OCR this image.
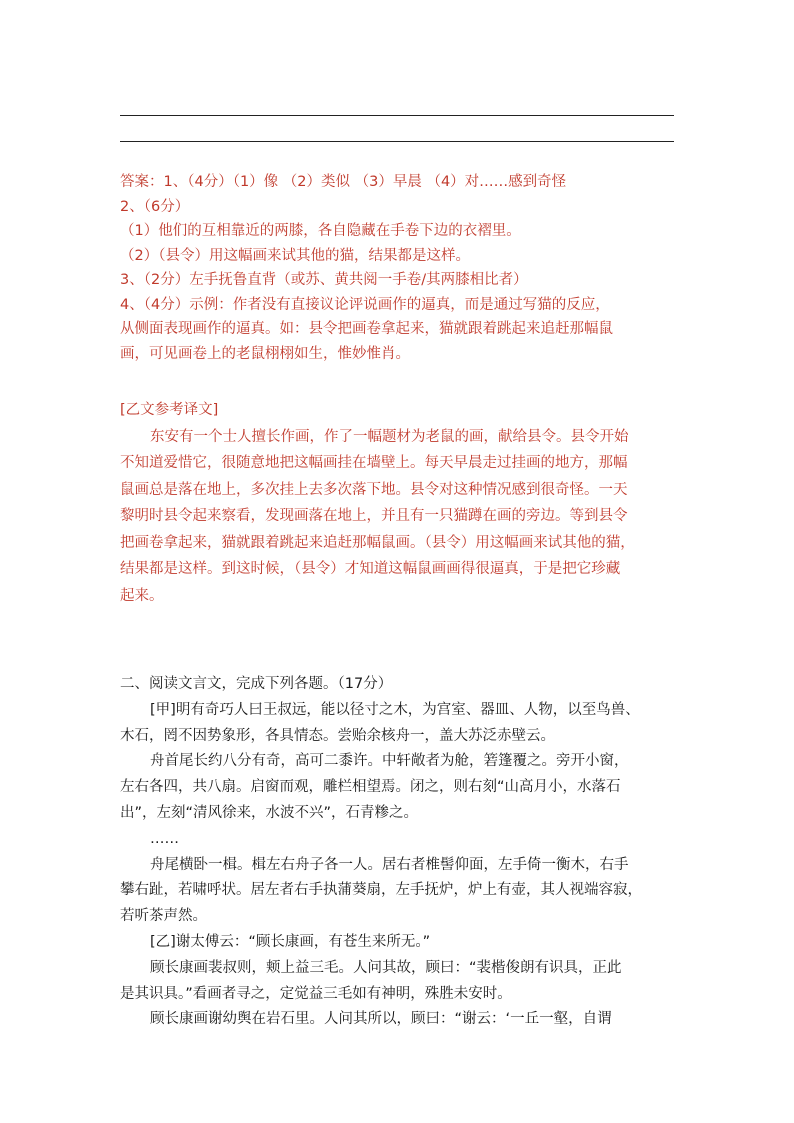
答案：1、（4分）（1）像 （2）类似 （3）早晨 （4）对……感到奇怪
2、（6分）
（1）他们的互相靠近的两膝，各自隐藏在手卷下边的衣褶里。
（2）（县令）用这幅画来试其他的猫，结果都是这样。
3、（2分）左手抚鲁直背（或苏、黄共阅一手卷/其两膝相比者）
4、（4分）示例：作者没有直接议论评说画作的逼真，而是通过写猫的反应，
从侧面表现画作的逼真。如：县令把画卷拿起来，猫就跟着跳起来追赶那幅鼠
画，可见画卷上的老鼠栩栩如生，惟妙惟肖。
[乙文参考译文]
东安有一个士人擅长作画，作了一幅题材为老鼠的画，献给县令。县令开始
不知道爱惜它，很随意地把这幅画挂在墙壁上。每天早晨走过挂画的地方，那幅
鼠画总是落在地上，多次挂上去多次落下地。县令对这种情况感到很奇怪。一天
黎明时县令起来察看，发现画落在地上，并且有一只猫蹲在画的旁边。等到县令
把画卷拿起来，猫就跟着跳起来追赶那幅鼠画。（县令）用这幅画来试其他的猫，
结果都是这样。到这时候，（县令）才知道这幅鼠画画得很逼真，于是把它珍藏
起来。
二、阅读文言文，完成下列各题。（17分）
[甲]明有奇巧人曰王叔远，能以径寸之木，为宫室、器皿、人物，以至鸟兽、
木石，罔不因势象形，各具情态。尝贻余核舟一，盖大苏泛赤壁云。
舟首尾长约八分有奇，高可二黍许。中轩敞者为舱，箬篷覆之。旁开小窗，
左右各四，共八扇。启窗而观，雕栏相望焉。闭之，则右刻“山高月小，水落石
出”，左刻“清风徐来，水波不兴”，石青糁之。
……
舟尾横卧一楫。楫左右舟子各一人。居右者椎髻仰面，左手倚一衡木，右手
攀右趾，若啸呼状。居左者右手执蒲葵扇，左手抚炉，炉上有壶，其人视端容寂，
若听茶声然。
[乙]谢太傅云：“顾长康画，有苍生来所无。”
顾长康画裴叔则，颊上益三毛。人问其故，顾曰：“裴楷俊朗有识具，正此
是其识具。”看画者寻之，定觉益三毛如有神明，殊胜未安时。
顾长康画谢幼舆在岩石里。人问其所以，顾曰：“谢云：‘一丘一壑，自谓
